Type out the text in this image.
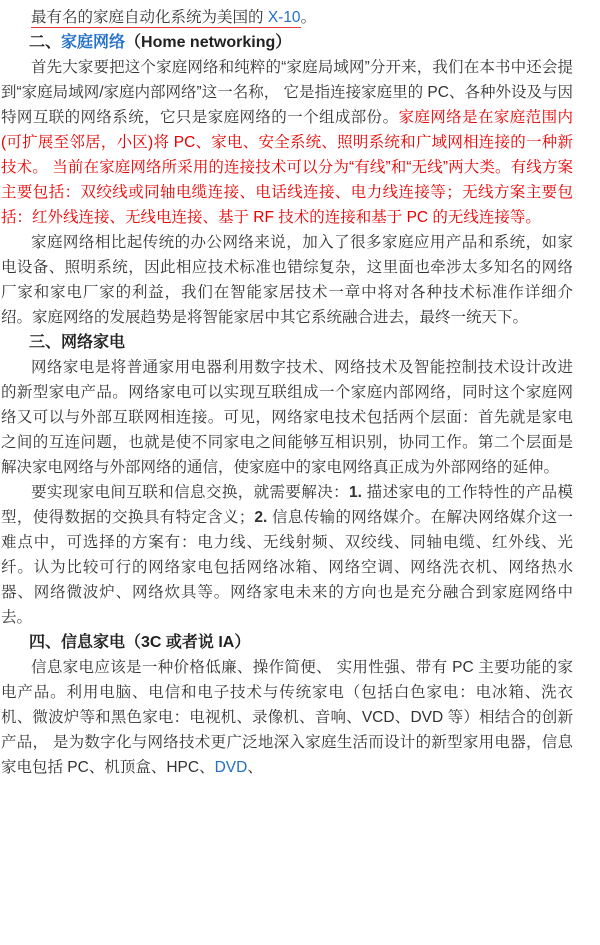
最有名的家庭自动化系统为美国的 X-10。

二、家庭网络（Home networking）

首先大家要把这个家庭网络和纯粹的“家庭局域网”分开来，我们在本书中还会提到“家庭局域网/家庭内部网络”这一名称， 它是指连接家庭里的 PC、各种外设及与因特网互联的网络系统，它只是家庭网络的一个组成部份。家庭网络是在家庭范围内(可扩展至邻居，小区)将 PC、家电、安全系统、照明系统和广域网相连接的一种新技术。 当前在家庭网络所采用的连接技术可以分为“有线”和“无线”两大类。有线方案主要包括：双绞线或同轴电缆连接、电话线连接、电力线连接等；无线方案主要包括：红外线连接、无线电连接、基于 RF 技术的连接和基于 PC 的无线连接等。

家庭网络相比起传统的办公网络来说，加入了很多家庭应用产品和系统，如家电设备、照明系统，因此相应技术标准也错综复杂，这里面也牵涉太多知名的网络厂家和家电厂家的利益，我们在智能家居技术一章中将对各种技术标准作详细介绍。家庭网络的发展趋势是将智能家居中其它系统融合进去，最终一统天下。

三、网络家电

网络家电是将普通家用电器利用数字技术、网络技术及智能控制技术设计改进的新型家电产品。网络家电可以实现互联组成一个家庭内部网络，同时这个家庭网络又可以与外部互联网相连接。可见，网络家电技术包括两个层面：首先就是家电之间的互连问题，也就是使不同家电之间能够互相识别，协同工作。第二个层面是解决家电网络与外部网络的通信，使家庭中的家电网络真正成为外部网络的延伸。

要实现家电间互联和信息交换，就需要解决：1. 描述家电的工作特性的产品模型，使得数据的交换具有特定含义；2. 信息传输的网络媒介。在解决网络媒介这一难点中，可选择的方案有：电力线、无线射频、双绞线、同轴电缆、红外线、光纤。认为比较可行的网络家电包括网络冰箱、网络空调、网络洗衣机、网络热水器、网络微波炉、网络炊具等。网络家电未来的方向也是充分融合到家庭网络中去。

四、信息家电（3C 或者说 IA）

信息家电应该是一种价格低廉、操作简便、 实用性强、带有 PC 主要功能的家电产品。利用电脑、电信和电子技术与传统家电（包括白色家电：电冰箱、洗衣机、微波炉等和黑色家电：电视机、录像机、音响、VCD、DVD 等）相结合的创新产品， 是为数字化与网络技术更广泛地深入家庭生活而设计的新型家用电器，信息家电包括 PC、机顶盒、HPC、DVD、
